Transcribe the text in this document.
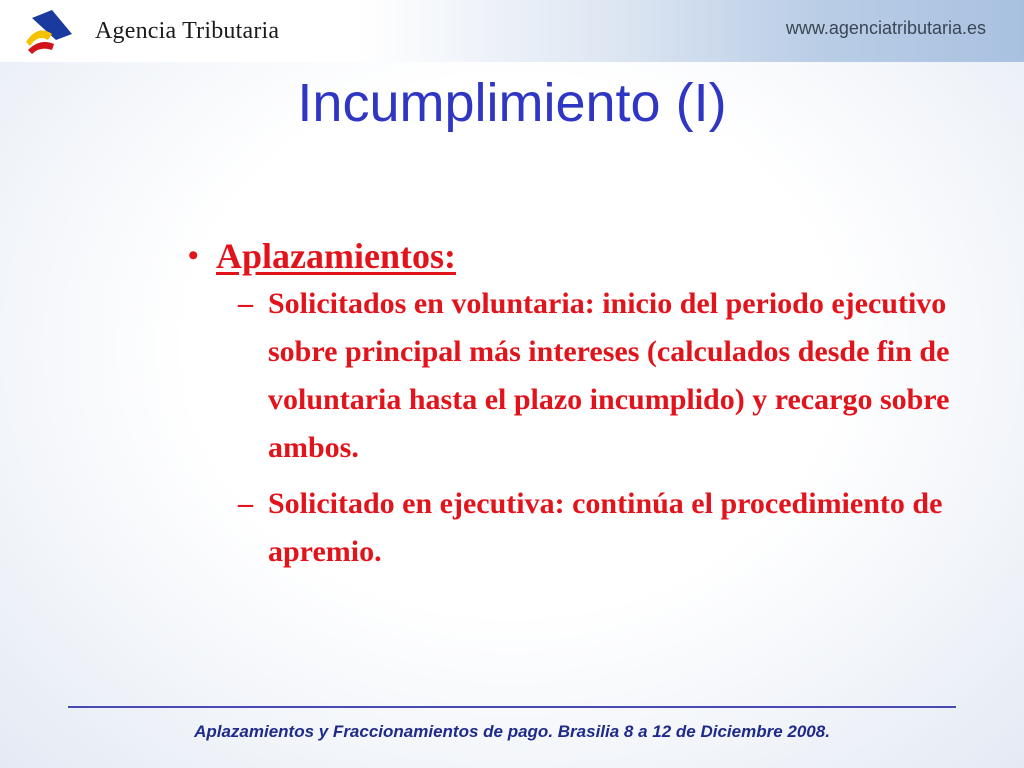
Agencia Tributaria	www.agenciatributaria.es
Incumplimiento (I)
• Aplazamientos:
– Solicitados en voluntaria: inicio del periodo ejecutivo sobre principal más intereses (calculados desde fin de voluntaria hasta el plazo incumplido) y recargo sobre ambos.
– Solicitado en ejecutiva: continúa el procedimiento de apremio.
Aplazamientos y Fraccionamientos de pago. Brasilia 8 a 12 de Diciembre 2008.
